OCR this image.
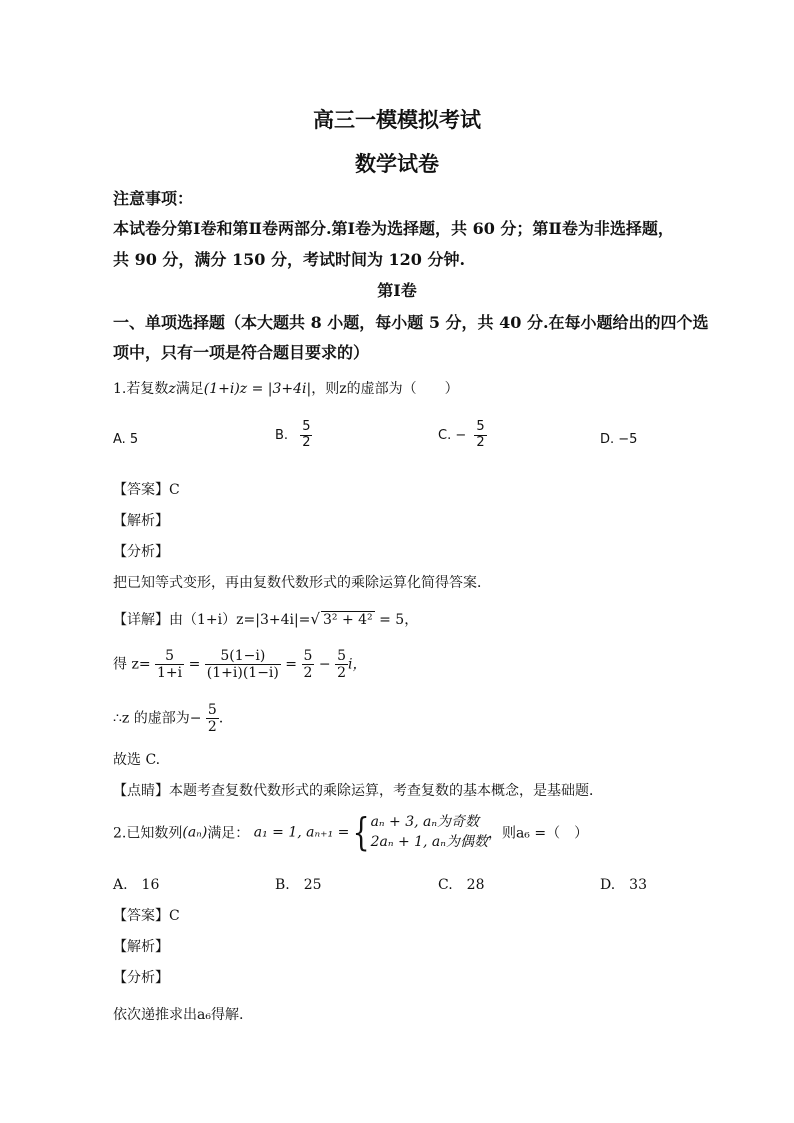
高三一模模拟考试
数学试卷
注意事项：
本试卷分第Ⅰ卷和第Ⅱ卷两部分.第Ⅰ卷为选择题，共 60 分；第Ⅱ卷为非选择题，
共 90 分，满分 150 分，考试时间为 120 分钟.
第Ⅰ卷
一、单项选择题（本大题共 8 小题，每小题 5 分，共 40 分.在每小题给出的四个选
项中，只有一项是符合题目要求的）
1.若复数z满足(1+i)z = |3+4i|，则z的虚部为（　　）
A. 5	B. $\frac{5}{2}$	C. − $\frac{5}{2}$	D. −5
【答案】C
【解析】
【分析】
把已知等式变形，再由复数代数形式的乘除运算化简得答案．
【详解】由（1+i）z=|3+4i|=√ 3² + 4² = 5，
得 $z= \frac{5}{1+i} = \frac{5(1-i)}{(1+i)(1-i)} = \frac{5}{2} - \frac{5}{2}$ i，
∴z 的虚部为− $\frac{5}{2}$ ．
故选 C.
【点睛】本题考查复数代数形式的乘除运算，考查复数的基本概念，是基础题．
2.已知数列(aₙ)满足： a₁ = 1, aₙ₊₁ ={ aₙ + 3, aₙ为奇数
2aₙ + 1, aₙ为偶数
，则a₆ =（　）
A.　16	B.　25	C.　28	D.　33
【答案】C
【解析】
【分析】
依次递推求出a₆得解.
